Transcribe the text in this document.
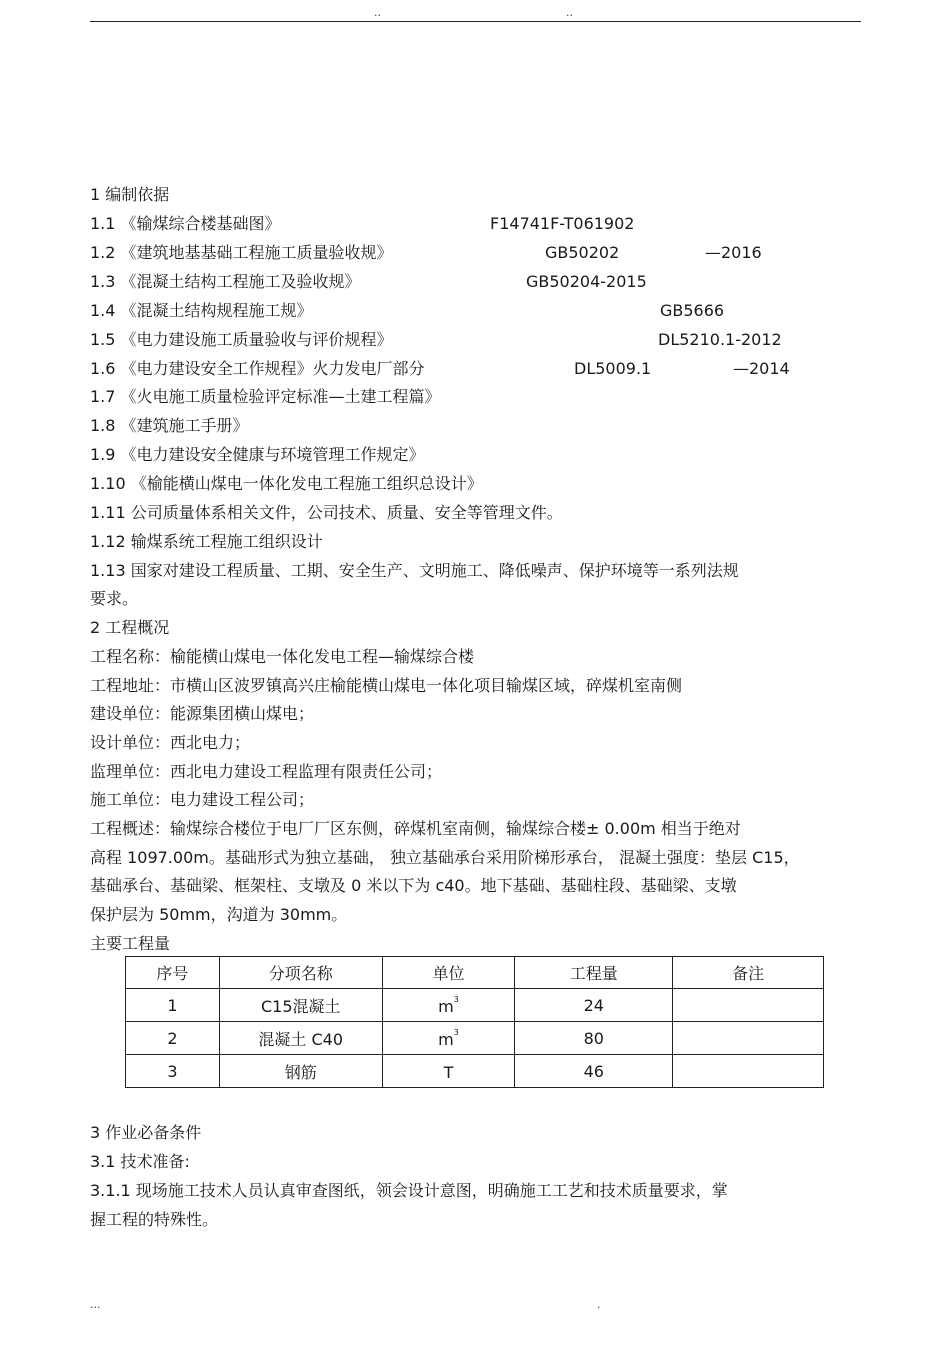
..	..
1 编制依据
1.1 《输煤综合楼基础图》	F14741F-T061902
1.2 《建筑地基基础工程施工质量验收规》	GB50202	—2016
1.3 《混凝土结构工程施工及验收规》	GB50204-2015
1.4 《混凝土结构规程施工规》	GB5666
1.5 《电力建设施工质量验收与评价规程》	DL5210.1-2012
1.6 《电力建设安全工作规程》火力发电厂部分	DL5009.1	—2014
1.7 《火电施工质量检验评定标准—土建工程篇》
1.8 《建筑施工手册》
1.9 《电力建设安全健康与环境管理工作规定》
1.10 《榆能横山煤电一体化发电工程施工组织总设计》
1.11 公司质量体系相关文件，公司技术、质量、安全等管理文件。
1.12 输煤系统工程施工组织设计
1.13 国家对建设工程质量、工期、安全生产、文明施工、降低噪声、保护环境等一系列法规
要求。
2 工程概况
工程名称：榆能横山煤电一体化发电工程—输煤综合楼
工程地址：市横山区波罗镇高兴庄榆能横山煤电一体化项目输煤区域，碎煤机室南侧
建设单位：能源集团横山煤电；
设计单位：西北电力；
监理单位：西北电力建设工程监理有限责任公司；
施工单位：电力建设工程公司；
工程概述：输煤综合楼位于电厂厂区东侧，碎煤机室南侧，输煤综合楼± 0.00m 相当于绝对
高程 1097.00m。基础形式为独立基础， 独立基础承台采用阶梯形承台， 混凝土强度：垫层 C15，
基础承台、基础梁、框架柱、支墩及 0 米以下为 c40。地下基础、基础柱段、基础梁、支墩
保护层为 50mm，沟道为 30mm。
主要工程量
序号	分项名称	单位	工程量	备注
1	C15混凝土	$m^3$	24	
2	混凝土 C40	$m^3$	80	
3	钢筋	T	46	
3 作业必备条件
3.1 技术准备:
3.1.1 现场施工技术人员认真审查图纸，领会设计意图，明确施工工艺和技术质量要求，掌
握工程的特殊性。
...	.
